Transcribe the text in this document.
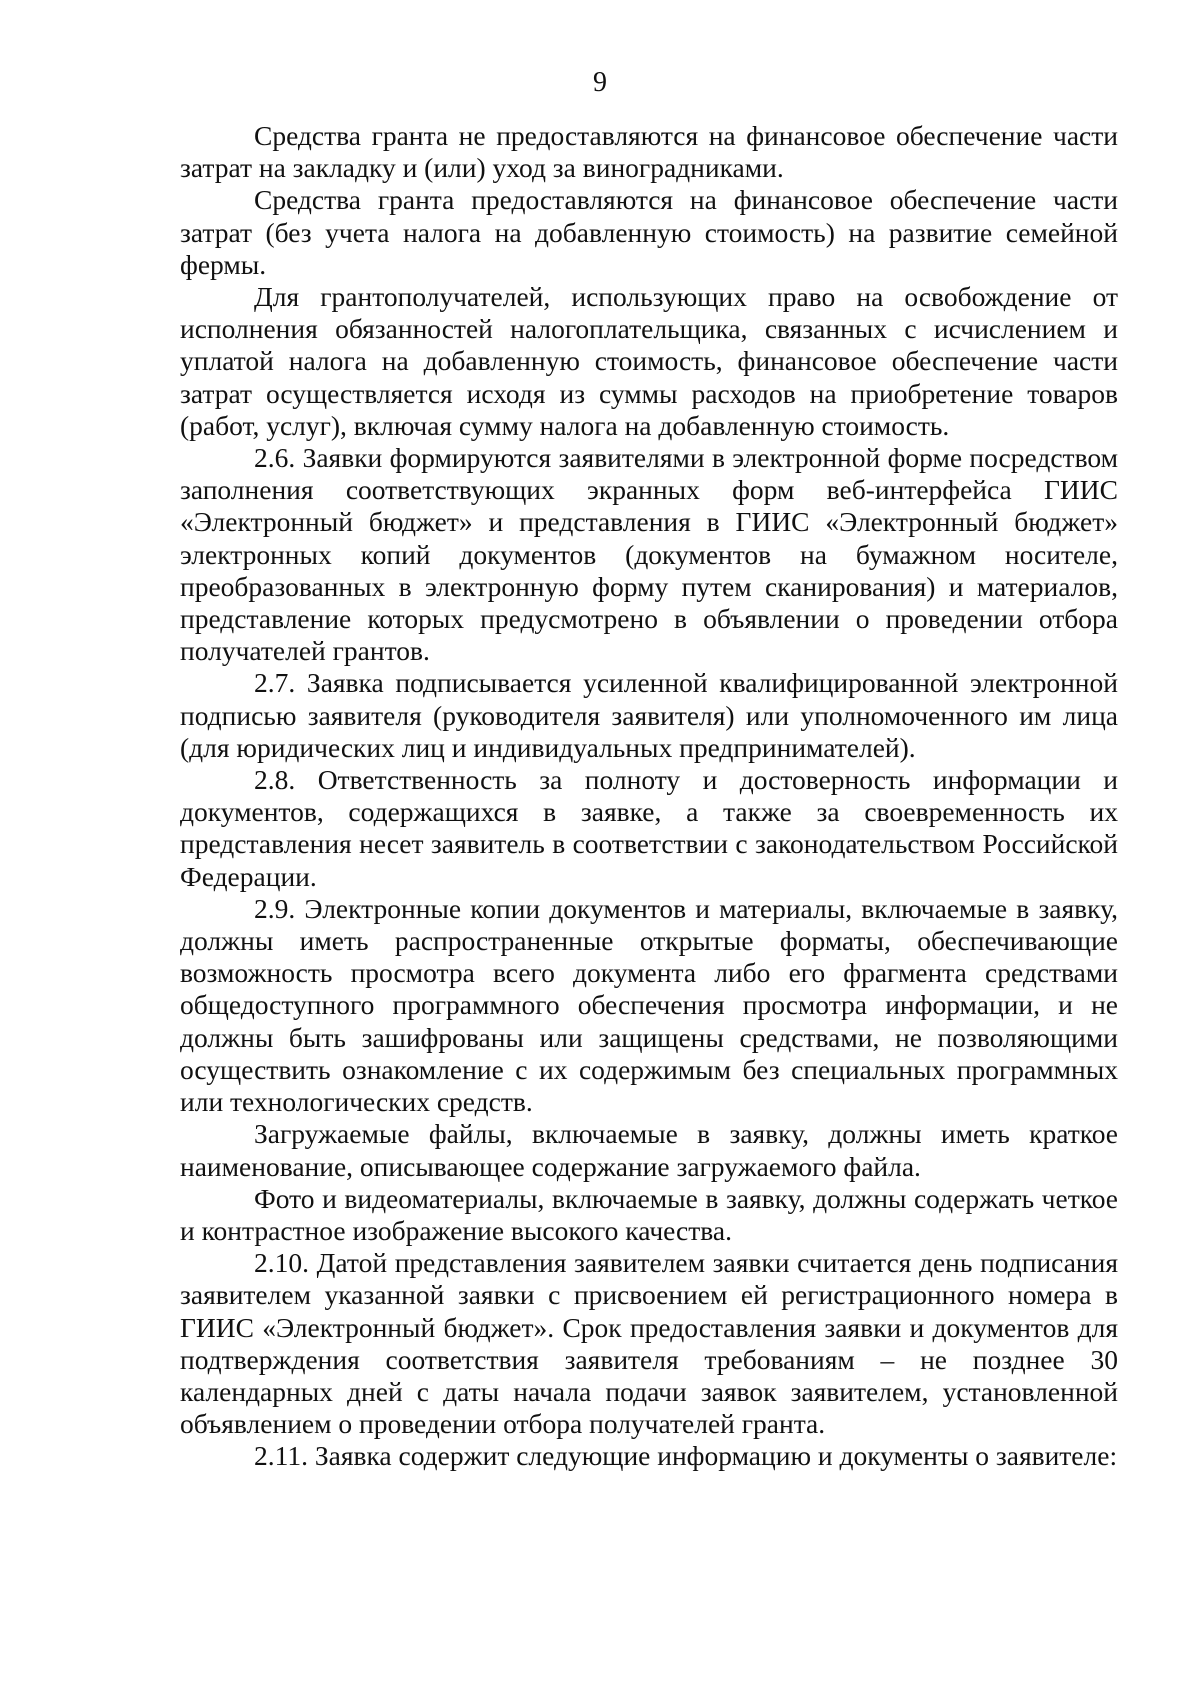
9

Средства гранта не предоставляются на финансовое обеспечение части затрат на закладку и (или) уход за виноградниками.

Средства гранта предоставляются на финансовое обеспечение части затрат (без учета налога на добавленную стоимость) на развитие семейной фермы.

Для грантополучателей, использующих право на освобождение от исполнения обязанностей налогоплательщика, связанных с исчислением и уплатой налога на добавленную стоимость, финансовое обеспечение части затрат осуществляется исходя из суммы расходов на приобретение товаров (работ, услуг), включая сумму налога на добавленную стоимость.

2.6. Заявки формируются заявителями в электронной форме посредством заполнения соответствующих экранных форм веб-интерфейса ГИИС «Электронный бюджет» и представления в ГИИС «Электронный бюджет» электронных копий документов (документов на бумажном носителе, преобразованных в электронную форму путем сканирования) и материалов, представление которых предусмотрено в объявлении о проведении отбора получателей грантов.

2.7. Заявка подписывается усиленной квалифицированной электронной подписью заявителя (руководителя заявителя) или уполномоченного им лица (для юридических лиц и индивидуальных предпринимателей).

2.8. Ответственность за полноту и достоверность информации и документов, содержащихся в заявке, а также за своевременность их представления несет заявитель в соответствии с законодательством Российской Федерации.

2.9. Электронные копии документов и материалы, включаемые в заявку, должны иметь распространенные открытые форматы, обеспечивающие возможность просмотра всего документа либо его фрагмента средствами общедоступного программного обеспечения просмотра информации, и не должны быть зашифрованы или защищены средствами, не позволяющими осуществить ознакомление с их содержимым без специальных программных или технологических средств.

Загружаемые файлы, включаемые в заявку, должны иметь краткое наименование, описывающее содержание загружаемого файла.

Фото и видеоматериалы, включаемые в заявку, должны содержать четкое и контрастное изображение высокого качества.

2.10. Датой представления заявителем заявки считается день подписания заявителем указанной заявки с присвоением ей регистрационного номера в ГИИС «Электронный бюджет». Срок предоставления заявки и документов для подтверждения соответствия заявителя требованиям – не позднее 30 календарных дней с даты начала подачи заявок заявителем, установленной объявлением о проведении отбора получателей гранта.

2.11. Заявка содержит следующие информацию и документы о заявителе:
